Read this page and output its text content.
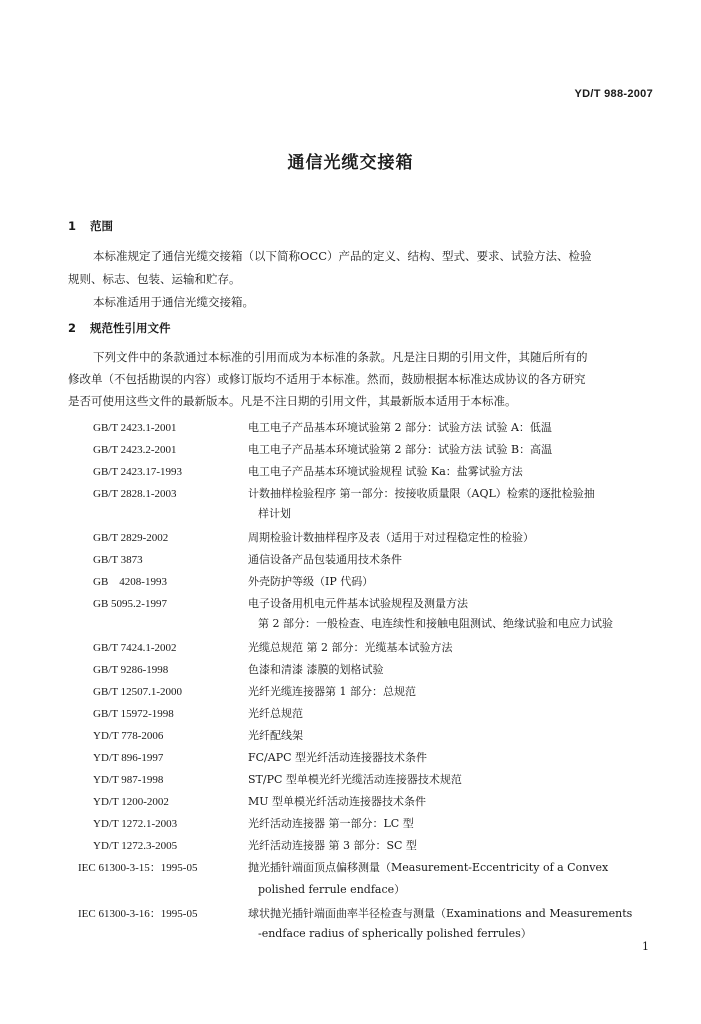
YD/T 988-2007
通信光缆交接箱
1 范围
本标准规定了通信光缆交接箱（以下简称OCC）产品的定义、结构、型式、要求、试验方法、检验
规则、标志、包装、运输和贮存。
本标准适用于通信光缆交接箱。
2 规范性引用文件
下列文件中的条款通过本标准的引用而成为本标准的条款。凡是注日期的引用文件，其随后所有的
修改单（不包括勘误的内容）或修订版均不适用于本标准。然而，鼓励根据本标准达成协议的各方研究
是否可使用这些文件的最新版本。凡是不注日期的引用文件，其最新版本适用于本标准。
GB/T 2423.1-2001	电工电子产品基本环境试验第 2 部分：试验方法 试验 A：低温
GB/T 2423.2-2001	电工电子产品基本环境试验第 2 部分：试验方法 试验 B：高温
GB/T 2423.17-1993	电工电子产品基本环境试验规程 试验 Ka：盐雾试验方法
GB/T 2828.1-2003	计数抽样检验程序 第一部分：按接收质量限（AQL）检索的逐批检验抽
样计划
GB/T 2829-2002	周期检验计数抽样程序及表（适用于对过程稳定性的检验）
GB/T 3873	通信设备产品包装通用技术条件
GB    4208-1993	外壳防护等级（IP 代码）
GB 5095.2-1997	电子设备用机电元件基本试验规程及测量方法
第 2 部分：一般检查、电连续性和接触电阻测试、绝缘试验和电应力试验
GB/T 7424.1-2002	光缆总规范 第 2 部分：光缆基本试验方法
GB/T 9286-1998	色漆和清漆 漆膜的划格试验
GB/T 12507.1-2000	光纤光缆连接器第 1 部分：总规范
GB/T 15972-1998	光纤总规范
YD/T 778-2006	光纤配线架
YD/T 896-1997	FC/APC 型光纤活动连接器技术条件
YD/T 987-1998	ST/PC 型单模光纤光缆活动连接器技术规范
YD/T 1200-2002	MU 型单模光纤活动连接器技术条件
YD/T 1272.1-2003	光纤活动连接器 第一部分：LC 型
YD/T 1272.3-2005	光纤活动连接器 第 3 部分：SC 型
IEC 61300-3-15：1995-05	抛光插针端面顶点偏移测量（Measurement-Eccentricity of a Convex
polished ferrule endface）
IEC 61300-3-16：1995-05	球状抛光插针端面曲率半径检查与测量（Examinations and Measurements
-endface radius of spherically polished ferrules）
1
